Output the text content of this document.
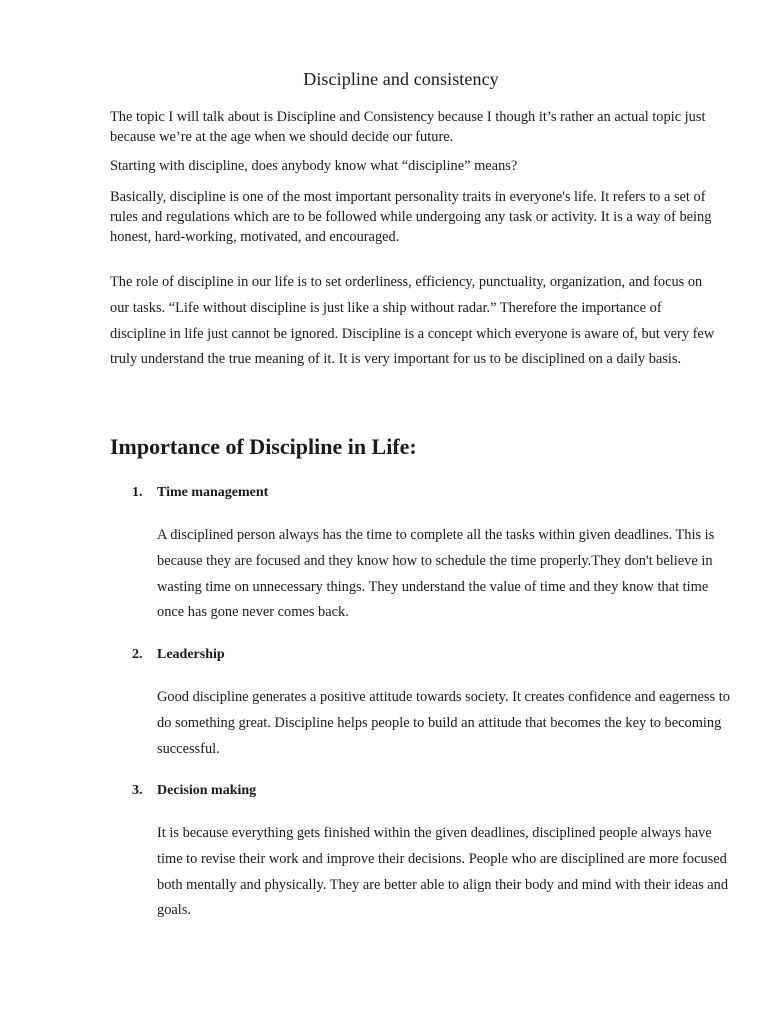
Discipline and consistency

The topic I will talk about is Discipline and Consistency because I though it’s rather an actual topic just because we’re at the age when we should decide our future.

Starting with discipline, does anybody know what “discipline” means?

Basically, discipline is one of the most important personality traits in everyone's life. It refers to a set of rules and regulations which are to be followed while undergoing any task or activity. It is a way of being honest, hard-working, motivated, and encouraged.

The role of discipline in our life is to set orderliness, efficiency, punctuality, organization, and focus on our tasks. “Life without discipline is just like a ship without radar.” Therefore the importance of discipline in life just cannot be ignored. Discipline is a concept which everyone is aware of, but very few truly understand the true meaning of it. It is very important for us to be disciplined on a daily basis.

Importance of Discipline in Life:
1. Time management

A disciplined person always has the time to complete all the tasks within given deadlines. This is because they are focused and they know how to schedule the time properly.They don't believe in wasting time on unnecessary things. They understand the value of time and they know that time once has gone never comes back.

2. Leadership

Good discipline generates a positive attitude towards society. It creates confidence and eagerness to do something great. Discipline helps people to build an attitude that becomes the key to becoming successful.

3. Decision making

It is because everything gets finished within the given deadlines, disciplined people always have time to revise their work and improve their decisions. People who are disciplined are more focused both mentally and physically. They are better able to align their body and mind with their ideas and goals.
